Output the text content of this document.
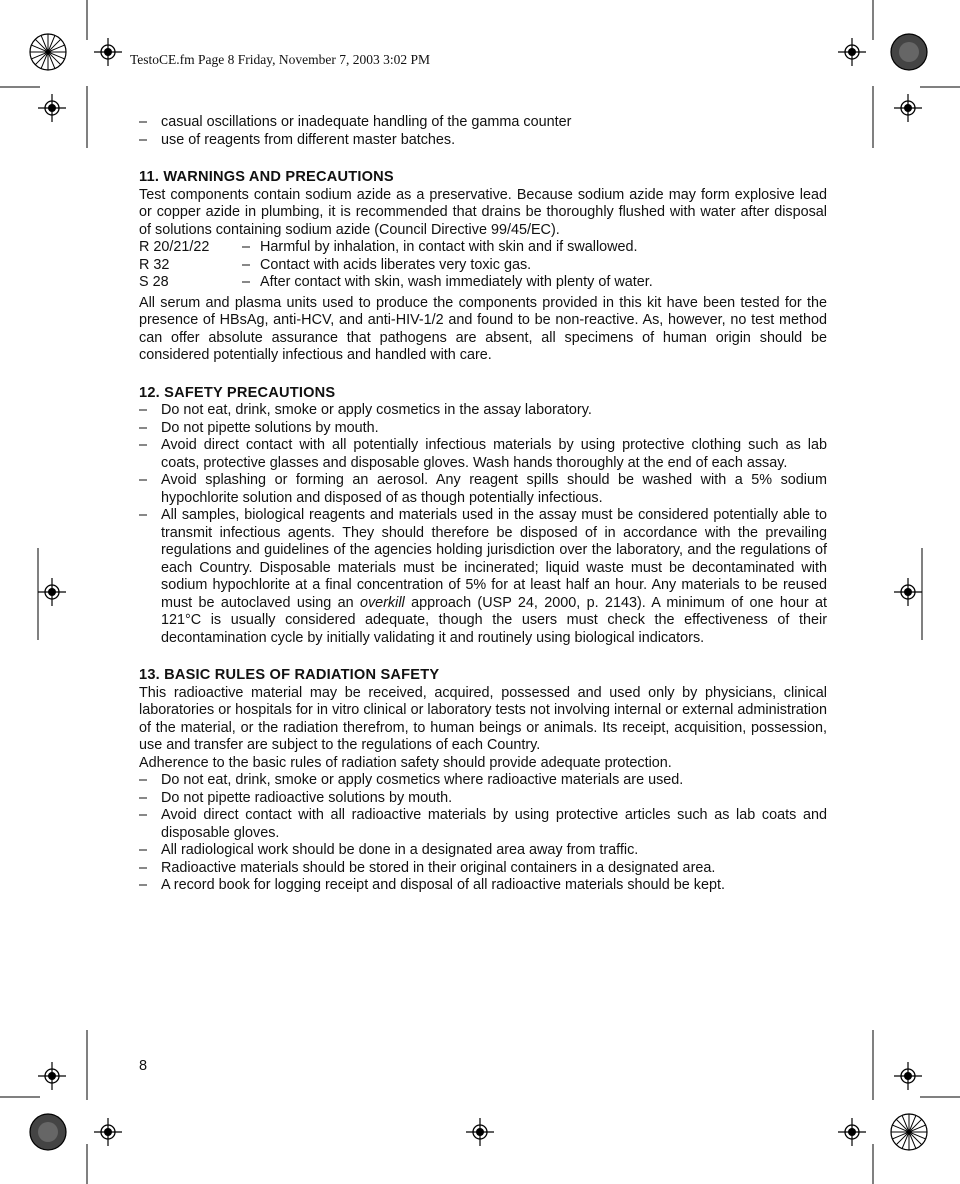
TestoCE.fm Page 8 Friday, November 7, 2003 3:02 PM
– casual oscillations or inadequate handling of the gamma counter
– use of reagents from different master batches.
11. WARNINGS AND PRECAUTIONS

Test components contain sodium azide as a preservative. Because sodium azide may form explosive lead or copper azide in plumbing, it is recommended that drains be thoroughly flushed with water after disposal of solutions containing sodium azide (Council Directive 99/45/EC).

R 20/21/22	– Harmful by inhalation, in contact with skin and if swallowed.
R 32	– Contact with acids liberates very toxic gas.
S 28	– After contact with skin, wash immediately with plenty of water.

All serum and plasma units used to produce the components provided in this kit have been tested for the presence of HBsAg, anti-HCV, and anti-HIV-1/2 and found to be non-reactive. As, however, no test method can offer absolute assurance that pathogens are absent, all specimens of human origin should be considered potentially infectious and handled with care.

12. SAFETY PRECAUTIONS
– Do not eat, drink, smoke or apply cosmetics in the assay laboratory.
– Do not pipette solutions by mouth.
– Avoid direct contact with all potentially infectious materials by using protective clothing such as lab coats, protective glasses and disposable gloves. Wash hands thoroughly at the end of each assay.
– Avoid splashing or forming an aerosol. Any reagent spills should be washed with a 5% sodium hypochlorite solution and disposed of as though potentially infectious.
– All samples, biological reagents and materials used in the assay must be considered potentially able to transmit infectious agents. They should therefore be disposed of in accordance with the prevailing regulations and guidelines of the agencies holding jurisdiction over the laboratory, and the regulations of each Country. Disposable materials must be incinerated; liquid waste must be decontaminated with sodium hypochlorite at a final concentration of 5% for at least half an hour. Any materials to be reused must be autoclaved using an overkill approach (USP 24, 2000, p. 2143). A minimum of one hour at 121°C is usually considered adequate, though the users must check the effectiveness of their decontamination cycle by initially validating it and routinely using biological indicators.
13. BASIC RULES OF RADIATION SAFETY

This radioactive material may be received, acquired, possessed and used only by physicians, clinical laboratories or hospitals for in vitro clinical or laboratory tests not involving internal or external administration of the material, or the radiation therefrom, to human beings or animals. Its receipt, acquisition, possession, use and transfer are subject to the regulations of each Country.

Adherence to the basic rules of radiation safety should provide adequate protection.

– Do not eat, drink, smoke or apply cosmetics where radioactive materials are used.
– Do not pipette radioactive solutions by mouth.
– Avoid direct contact with all radioactive materials by using protective articles such as lab coats and disposable gloves.
– All radiological work should be done in a designated area away from traffic.
– Radioactive materials should be stored in their original containers in a designated area.
– A record book for logging receipt and disposal of all radioactive materials should be kept.
8
